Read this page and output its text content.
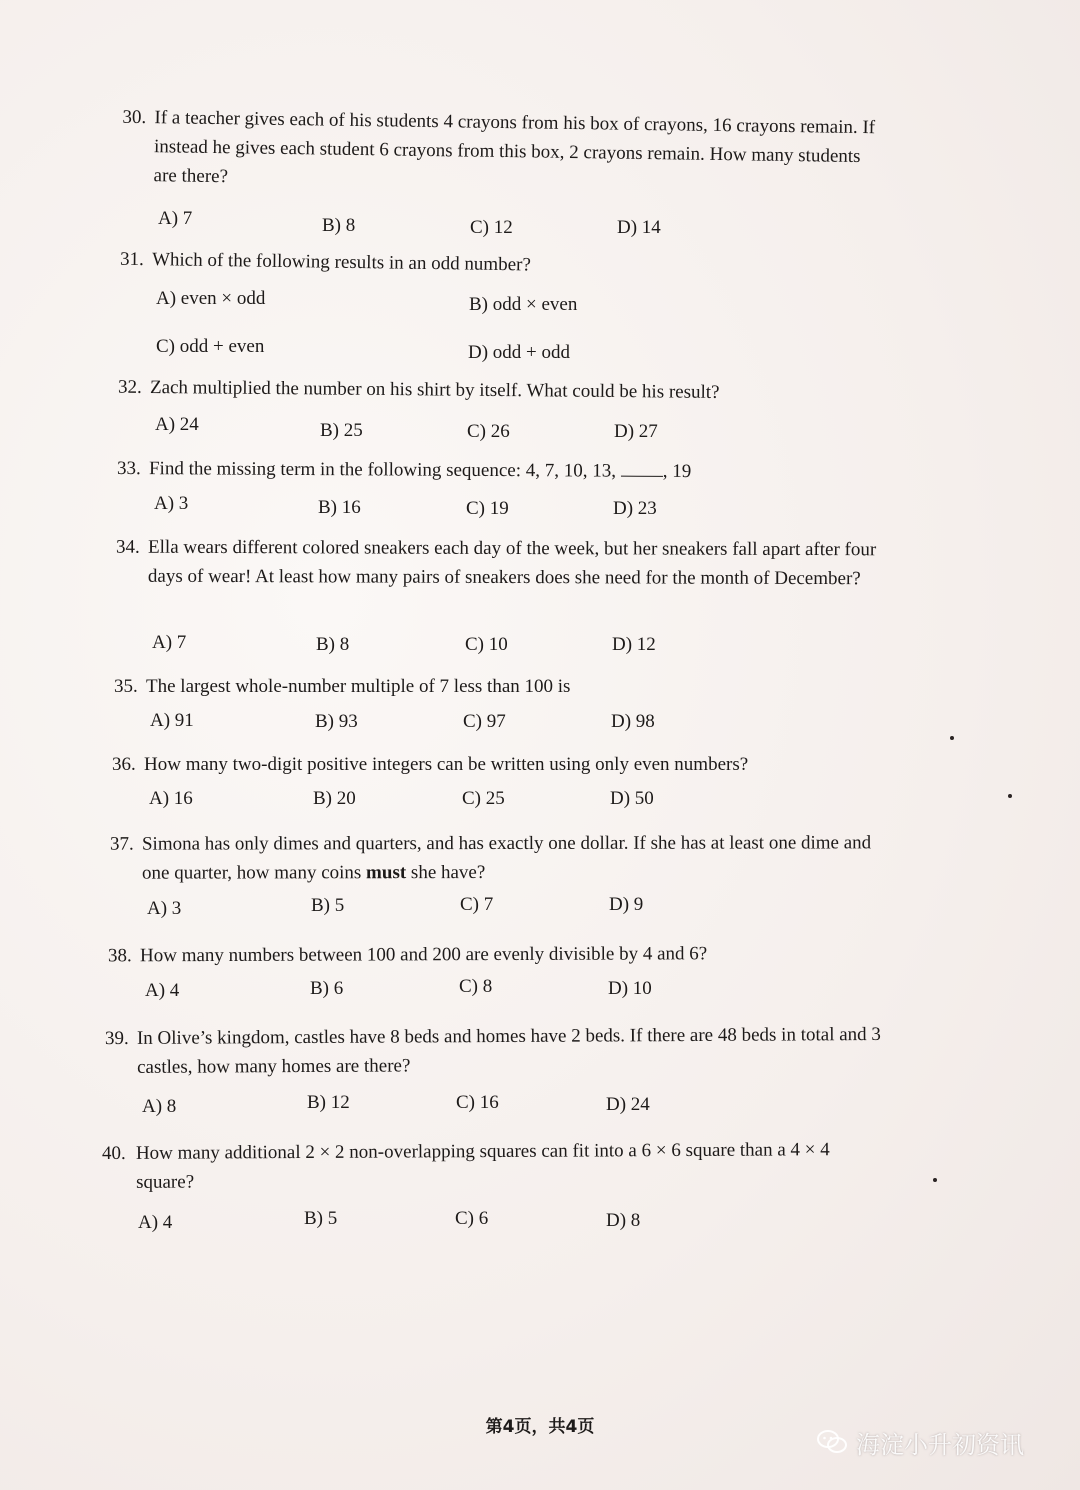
30. If a teacher gives each of his students 4 crayons from his box of crayons, 16 crayons remain. If instead he gives each student 6 crayons from this box, 2 crayons remain. How many students are there?
A) 7	B) 8	C) 12	D) 14
31. Which of the following results in an odd number?
A) even × odd	B) odd × even
C) odd + even	D) odd + odd
32. Zach multiplied the number on his shirt by itself. What could be his result?
A) 24	B) 25	C) 26	D) 27
33. Find the missing term in the following sequence: 4, 7, 10, 13, , 19
A) 3	B) 16	C) 19	D) 23
34. Ella wears different colored sneakers each day of the week, but her sneakers fall apart after four days of wear! At least how many pairs of sneakers does she need for the month of December?
A) 7	B) 8	C) 10	D) 12
35. The largest whole-number multiple of 7 less than 100 is
A) 91	B) 93	C) 97	D) 98
36. How many two-digit positive integers can be written using only even numbers?
A) 16	B) 20	C) 25	D) 50
37. Simona has only dimes and quarters, and has exactly one dollar. If she has at least one dime and one quarter, how many coins must she have?
A) 3	B) 5	C) 7	D) 9
38. How many numbers between 100 and 200 are evenly divisible by 4 and 6?
A) 4	B) 6	C) 8	D) 10
39. In Olive’s kingdom, castles have 8 beds and homes have 2 beds. If there are 48 beds in total and 3 castles, how many homes are there?
A) 8	B) 12	C) 16	D) 24
40. How many additional 2 × 2 non-overlapping squares can fit into a 6 × 6 square than a 4 × 4 square?
A) 4	B) 5	C) 6	D) 8
第4页，共4页
海淀小升初资讯
